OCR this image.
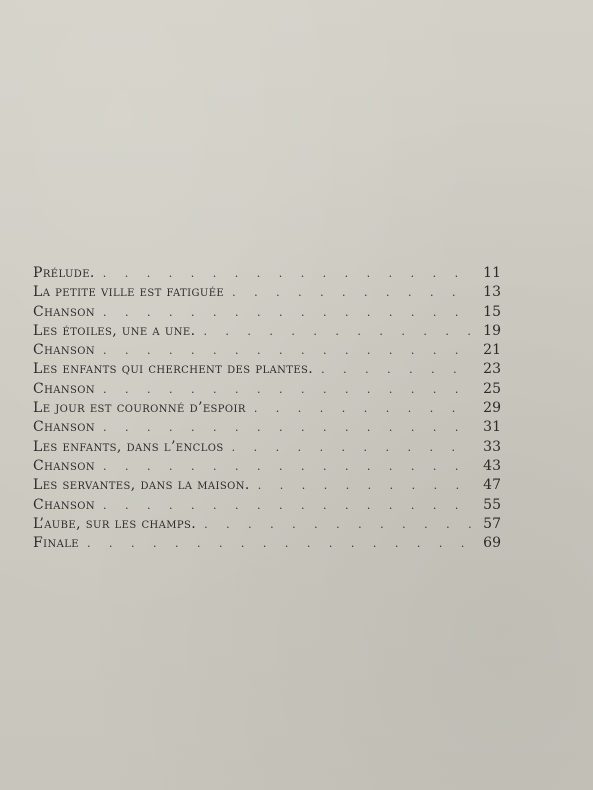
Prélude. . . .	11
La petite ville est fatiguée . . .	13
Chanson . . .	15
Les étoiles, une a une. . . .	19
Chanson . . .	21
Les enfants qui cherchent des plantes. . . .	23
Chanson . . .	25
Le jour est couronné d’espoir . . .	29
Chanson . . .	31
Les enfants, dans l’enclos . . .	33
Chanson . . .	43
Les servantes, dans la maison. . . .	47
Chanson . . .	55
L’aube, sur les champs. . . .	57
Finale . . .	69
